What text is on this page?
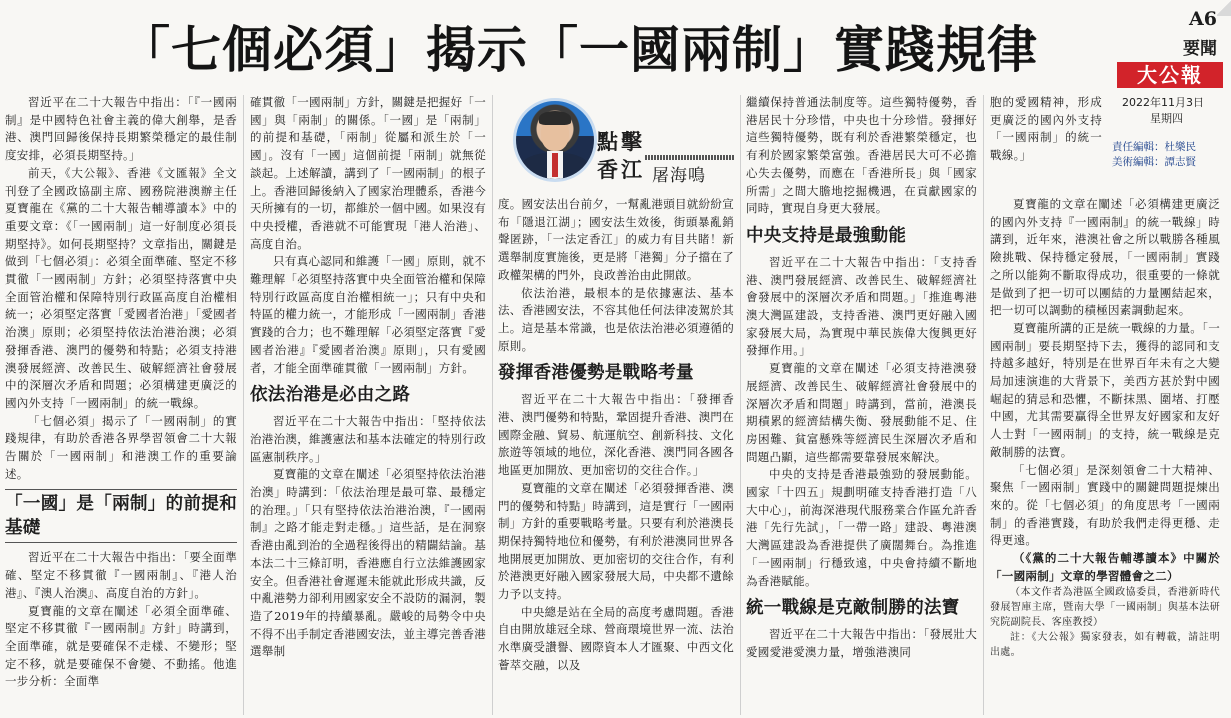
「七個必須」揭示「一國兩制」實踐規律
A6
要聞
大公報
2022年11月3日
星期四
責任編輯：杜樂民
美術編輯：譚志賢

習近平在二十大報告中指出：「『一國兩制』是中國特色社會主義的偉大創舉，是香港、澳門回歸後保持長期繁榮穩定的最佳制度安排，必須長期堅持。」

前天，《大公報》、香港《文匯報》全文刊登了全國政協副主席、國務院港澳辦主任夏寶龍在《黨的二十大報告輔導讀本》中的重要文章：《「一國兩制」這一好制度必須長期堅持》。如何長期堅持？文章指出，關鍵是做到「七個必須」：必須全面準確、堅定不移貫徹「一國兩制」方針；必須堅持落實中央全面管治權和保障特別行政區高度自治權相統一；必須堅定落實「愛國者治港」「愛國者治澳」原則；必須堅持依法治港治澳；必須發揮香港、澳門的優勢和特點；必須支持港澳發展經濟、改善民生、破解經濟社會發展中的深層次矛盾和問題；必須構建更廣泛的國內外支持「一國兩制」的統一戰線。

「七個必須」揭示了「一國兩制」的實踐規律，有助於香港各界學習領會二十大報告關於「一國兩制」和港澳工作的重要論述。

「一國」是「兩制」的前提和基礎

習近平在二十大報告中指出：「要全面準確、堅定不移貫徹『一國兩制』、『港人治港』、『澳人治澳』、高度自治的方針」。

夏寶龍的文章在闡述「必須全面準確、堅定不移貫徹『一國兩制』方針」時講到，全面準確，就是要確保不走樣、不變形；堅定不移，就是要確保不會變、不動搖。他進一步分析：全面準

確貫徹「一國兩制」方針，關鍵是把握好「一國」與「兩制」的關係。「一國」是「兩制」的前提和基礎，「兩制」從屬和派生於「一國」。沒有「一國」這個前提「兩制」就無從談起。上述解讀，講到了「一國兩制」的根子上。香港回歸後納入了國家治理體系，香港今天所擁有的一切，都維於一個中國。如果沒有中央授權，香港就不可能實現「港人治港」、高度自治。

只有真心認同和維護「一國」原則，就不難理解「必須堅持落實中央全面管治權和保障特別行政區高度自治權相統一」；只有中央和特區的權力統一，才能形成「一國兩制」香港實踐的合力；也不難理解「必須堅定落實『愛國者治港』『愛國者治澳』原則」，只有愛國者，才能全面準確貫徹「一國兩制」方針。

依法治港是必由之路

習近平在二十大報告中指出：「堅持依法治港治澳，維護憲法和基本法確定的特別行政區憲制秩序。」

夏寶龍的文章在闡述「必須堅持依法治港治澳」時講到：「依法治理是最可靠、最穩定的治理。」「只有堅持依法治港治澳，『一國兩制』之路才能走對走穩。」這些話，是在洞察香港由亂到治的全過程後得出的精闢結論。基本法二十三條訂明，香港應自行立法維護國家安全。但香港社會遲遲未能就此形成共識，反中亂港勢力卻利用國家安全不設防的漏洞，製造了2019年的持續暴亂。嚴峻的局勢令中央不得不出手制定香港國安法，並主導完善香港選舉制

點擊
香江 屠海鳴

度。國安法出台前夕，一幫亂港頭目就紛紛宣布「隱退江湖」；國安法生效後，街頭暴亂銷聲匿跡，「一法定香江」的威力有目共睹！新選舉制度實施後，更是將「港獨」分子擋在了政權架構的門外，良政善治由此開啟。

依法治港，最根本的是依據憲法、基本法、香港國安法，不容其他任何法律凌駕於其上。這是基本常識，也是依法治港必須遵循的原則。

發揮香港優勢是戰略考量

習近平在二十大報告中指出：「發揮香港、澳門優勢和特點，鞏固提升香港、澳門在國際金融、貿易、航運航空、創新科技、文化旅遊等領域的地位，深化香港、澳門同各國各地區更加開放、更加密切的交往合作。」

夏寶龍的文章在闡述「必須發揮香港、澳門的優勢和特點」時講到，這是實行「一國兩制」方針的重要戰略考量。只要有利於港澳長期保持獨特地位和優勢，有利於港澳同世界各地開展更加開放、更加密切的交往合作，有利於港澳更好融入國家發展大局，中央都不遺餘力予以支持。

中央總是站在全局的高度考慮問題。香港自由開放雄冠全球、營商環境世界一流、法治水準廣受讚譽、國際資本人才匯聚、中西文化薈萃交融，以及

繼續保持普通法制度等。這些獨特優勢，香港居民十分珍惜，中央也十分珍惜。發揮好這些獨特優勢，既有利於香港繁榮穩定，也有利於國家繁榮富強。香港居民大可不必擔心失去優勢，而應在「香港所長」與「國家所需」之間大膽地挖掘機遇，在貢獻國家的同時，實現自身更大發展。

中央支持是最強動能

習近平在二十大報告中指出：「支持香港、澳門發展經濟、改善民生、破解經濟社會發展中的深層次矛盾和問題。」「推進粵港澳大灣區建設，支持香港、澳門更好融入國家發展大局，為實現中華民族偉大復興更好發揮作用。」

夏寶龍的文章在闡述「必須支持港澳發展經濟、改善民生、破解經濟社會發展中的深層次矛盾和問題」時講到，當前，港澳長期積累的經濟結構失衡、發展動能不足、住房困難、貧富懸殊等經濟民生深層次矛盾和問題凸顯，這些都需要靠發展來解決。

中央的支持是香港最強勁的發展動能。國家「十四五」規劃明確支持香港打造「八大中心」，前海深港現代服務業合作區允許香港「先行先試」，「一帶一路」建設、粵港澳大灣區建設為香港提供了廣闊舞台。為推進「一國兩制」行穩致遠，中央會持續不斷地為香港賦能。

統一戰線是克敵制勝的法寶

習近平在二十大報告中指出：「發展壯大愛國愛港愛澳力量，增強港澳同

胞的愛國精神，形成更廣泛的國內外支持「一國兩制」的統一戰線。」

夏寶龍的文章在闡述「必須構建更廣泛的國內外支持『一國兩制』的統一戰線」時講到，近年來，港澳社會之所以戰勝各種風險挑戰、保持穩定發展，「一國兩制」實踐之所以能夠不斷取得成功，很重要的一條就是做到了把一切可以團結的力量團結起來，把一切可以調動的積極因素調動起來。

夏寶龍所講的正是統一戰線的力量。「一國兩制」要長期堅持下去，獲得的認同和支持越多越好，特別是在世界百年未有之大變局加速演進的大背景下，美西方甚於對中國崛起的猜忌和恐懼，不斷抹黑、圍堵、打壓中國，尤其需要贏得全世界友好國家和友好人士對「一國兩制」的支持，統一戰線是克敵制勝的法寶。

「七個必須」是深刻領會二十大精神、聚焦「一國兩制」實踐中的關鍵問題提煉出來的。從「七個必須」的角度思考「一國兩制」的香港實踐，有助於我們走得更穩、走得更遠。

（《黨的二十大報告輔導讀本》中關於「一國兩制」文章的學習體會之二）

（本文作者為港區全國政協委員，香港新時代發展智庫主席，暨南大學「一國兩制」與基本法研究院副院長、客座教授）

註：《大公報》獨家發表，如有轉載，請註明出處。
